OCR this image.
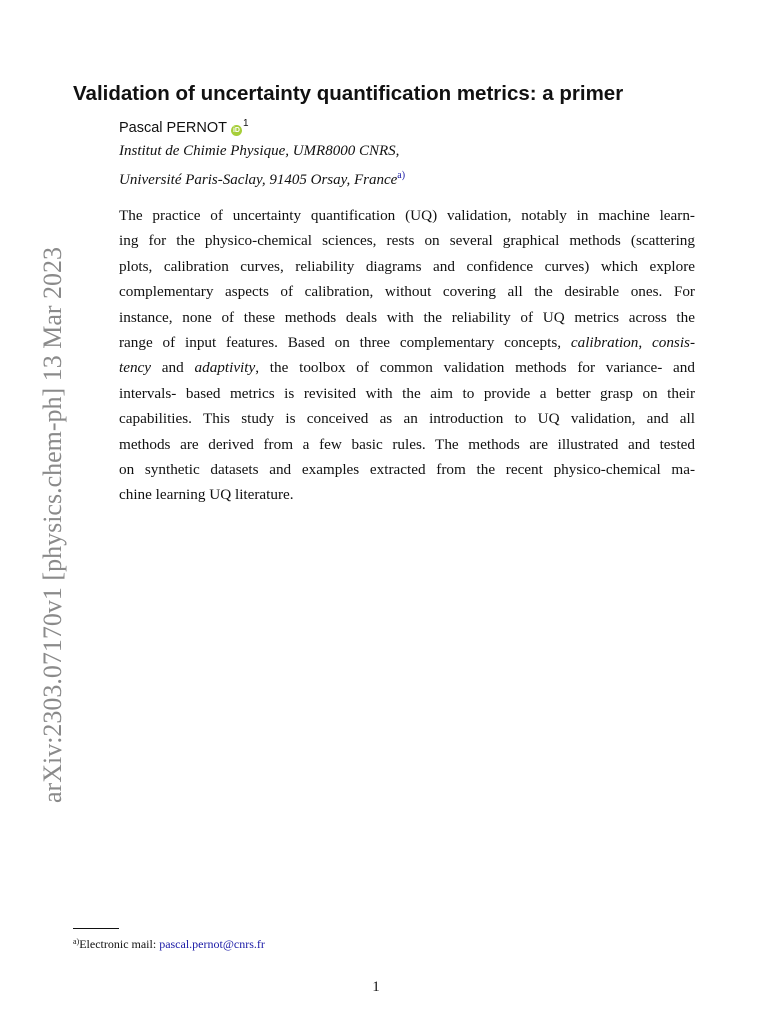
arXiv:2303.07170v1 [physics.chem-ph] 13 Mar 2023
Validation of uncertainty quantification metrics: a primer
Pascal PERNOT $iD^1$
Institut de Chimie Physique, UMR8000 CNRS,
Université Paris-Saclay, 91405 Orsay, France$^{a)}$
The practice of uncertainty quantification (UQ) validation, notably in machine learn-
ing for the physico-chemical sciences, rests on several graphical methods (scattering
plots, calibration curves, reliability diagrams and confidence curves) which explore
complementary aspects of calibration, without covering all the desirable ones. For
instance, none of these methods deals with the reliability of UQ metrics across the
range of input features. Based on three complementary concepts, calibration, consis-
tency and adaptivity, the toolbox of common validation methods for variance- and
intervals- based metrics is revisited with the aim to provide a better grasp on their
capabilities. This study is conceived as an introduction to UQ validation, and all
methods are derived from a few basic rules. The methods are illustrated and tested
on synthetic datasets and examples extracted from the recent physico-chemical ma-
chine learning UQ literature.
$^{a)}$Electronic mail: pascal.pernot@cnrs.fr
1
